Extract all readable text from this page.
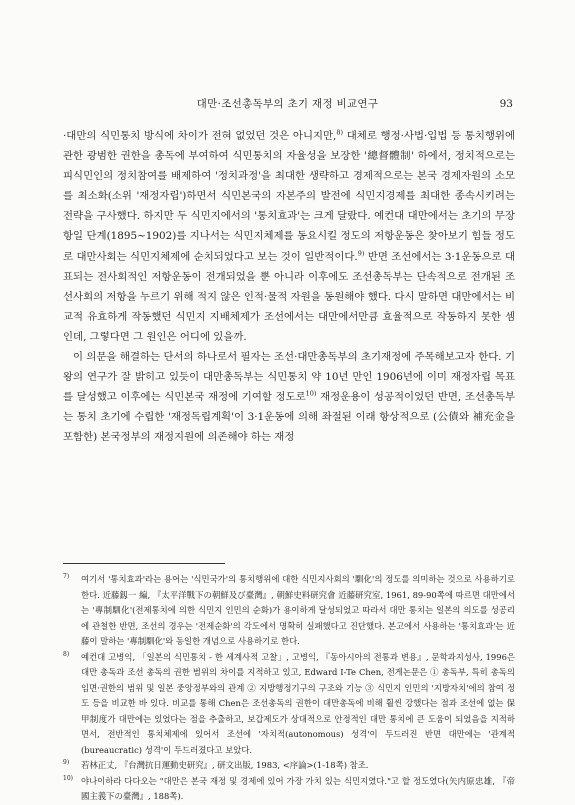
대만·조선총독부의 초기 재정 비교연구	93

·대만의 식민통치 방식에 차이가 전혀 없었던 것은 아니지만,$^{8)}$ 대체로 행정·사법·입법 등 통치행위에 관한 광범한 권한을 총독에 부여하여 식민통치의 자율성을 보장한 '總督體制' 하에서, 정치적으로는 피식민인의 정치참여를 배제하여 '정치과정'을 최대한 생략하고 경제적으로는 본국 경제자원의 소모를 최소화(소위 '재정자립')하면서 식민본국의 자본주의 발전에 식민지경제를 최대한 종속시키려는 전략을 구사했다. 하지만 두 식민지에서의 '통치효과'는 크게 달랐다. 예컨대 대만에서는 초기의 무장항일 단계(1895~1902)를 지나서는 식민지체제를 동요시킬 정도의 저항운동은 찾아보기 힘들 정도로 대만사회는 식민지체제에 순치되었다고 보는 것이 일반적이다.$^{9)}$ 반면 조선에서는 3·1운동으로 대표되는 전사회적인 저항운동이 전개되었을 뿐 아니라 이후에도 조선총독부는 단속적으로 전개된 조선사회의 저항을 누르기 위해 적지 않은 인적·물적 자원을 동원해야 했다. 다시 말하면 대만에서는 비교적 유효하게 작동했던 식민지 지배체제가 조선에서는 대만에서만큼 효율적으로 작동하지 못한 셈인데, 그렇다면 그 원인은 어디에 있을까.

이 의문을 해결하는 단서의 하나로서 필자는 조선·대만총독부의 초기재정에 주목해보고자 한다. 기왕의 연구가 잘 밝히고 있듯이 대만총독부는 식민통치 약 10년 만인 1906년에 이미 재정자립 목표를 달성했고 이후에는 식민본국 재정에 기여할 정도로$^{10)}$ 재정운용이 성공적이었던 반면, 조선총독부는 통치 초기에 수립한 '재정독립계획'이 3·1운동에 의해 좌절된 이래 항상적으로 (公債와 補充金을 포함한) 본국정부의 재정지원에 의존해야 하는 재정

$^{7)}$	여기서 '통치효과'라는 용어는 '식민국가'의 통치행위에 대한 식민지사회의 '馴化'의 정도를 의미하는 것으로 사용하기로 한다. 近藤釼一 編, 『太平洋戰下の朝鮮及び臺灣』, 朝鮮史料研究會 近藤研究室, 1961, 89-90쪽에 따르면 대만에서는 '專制馴化'(전제통치에 의한 식민지 인민의 순화)가 용이하게 달성되었고 따라서 대만 통치는 일본의 의도를 성공리에 관철한 반면, 조선의 경우는 '전제순화'의 각도에서 명확히 실패했다고 진단했다. 본고에서 사용하는 '통치효과'는 近藤이 말하는 '專制馴化'와 동일한 개념으로 사용하기로 한다.
$^{8)}$	예컨대 고병익, 「일본의 식민통치 - 한 세계사적 고찰」, 고병익, 『동아시아의 전통과 변용』, 문학과지성사, 1996은 대만 총독과 조선 총독의 권한 범위의 차이를 지적하고 있고, Edward I-Te Chen, 전게논문은 ① 총독부, 특히 총독의 임면·권한의 범위 및 일본 중앙정부와의 관계 ② 지방행정기구의 구조와 기능 ③ 식민지 인민의 '지방자치'에의 참여 정도 등을 비교한 바 있다. 비교를 통해 Chen은 조선총독의 권한이 대만총독에 비해 훨씬 강했다는 점과 조선에 없는 保甲制度가 대만에는 있었다는 점을 추출하고, 보갑제도가 상대적으로 안정적인 대만 통치에 큰 도움이 되었음을 지적하면서, 전반적인 통치체제에 있어서 조선에 '자치적(autonomous) 성격'이 두드러진 반면 대만에는 '관계적(bureaucratic) 성격'이 두드러졌다고 보았다.
$^{9)}$	若林正丈, 『台灣抗日運動史研究』, 研文出版, 1983, <序論>(1-18쪽) 참조.
$^{10)}$ 야나이하라 다다오는 "대만은 본국 재정 및 경제에 있어 가장 가치 있는 식민지였다."고 할 정도였다(矢内原忠雄, 『帝國主義下の臺灣』, 188쪽).
